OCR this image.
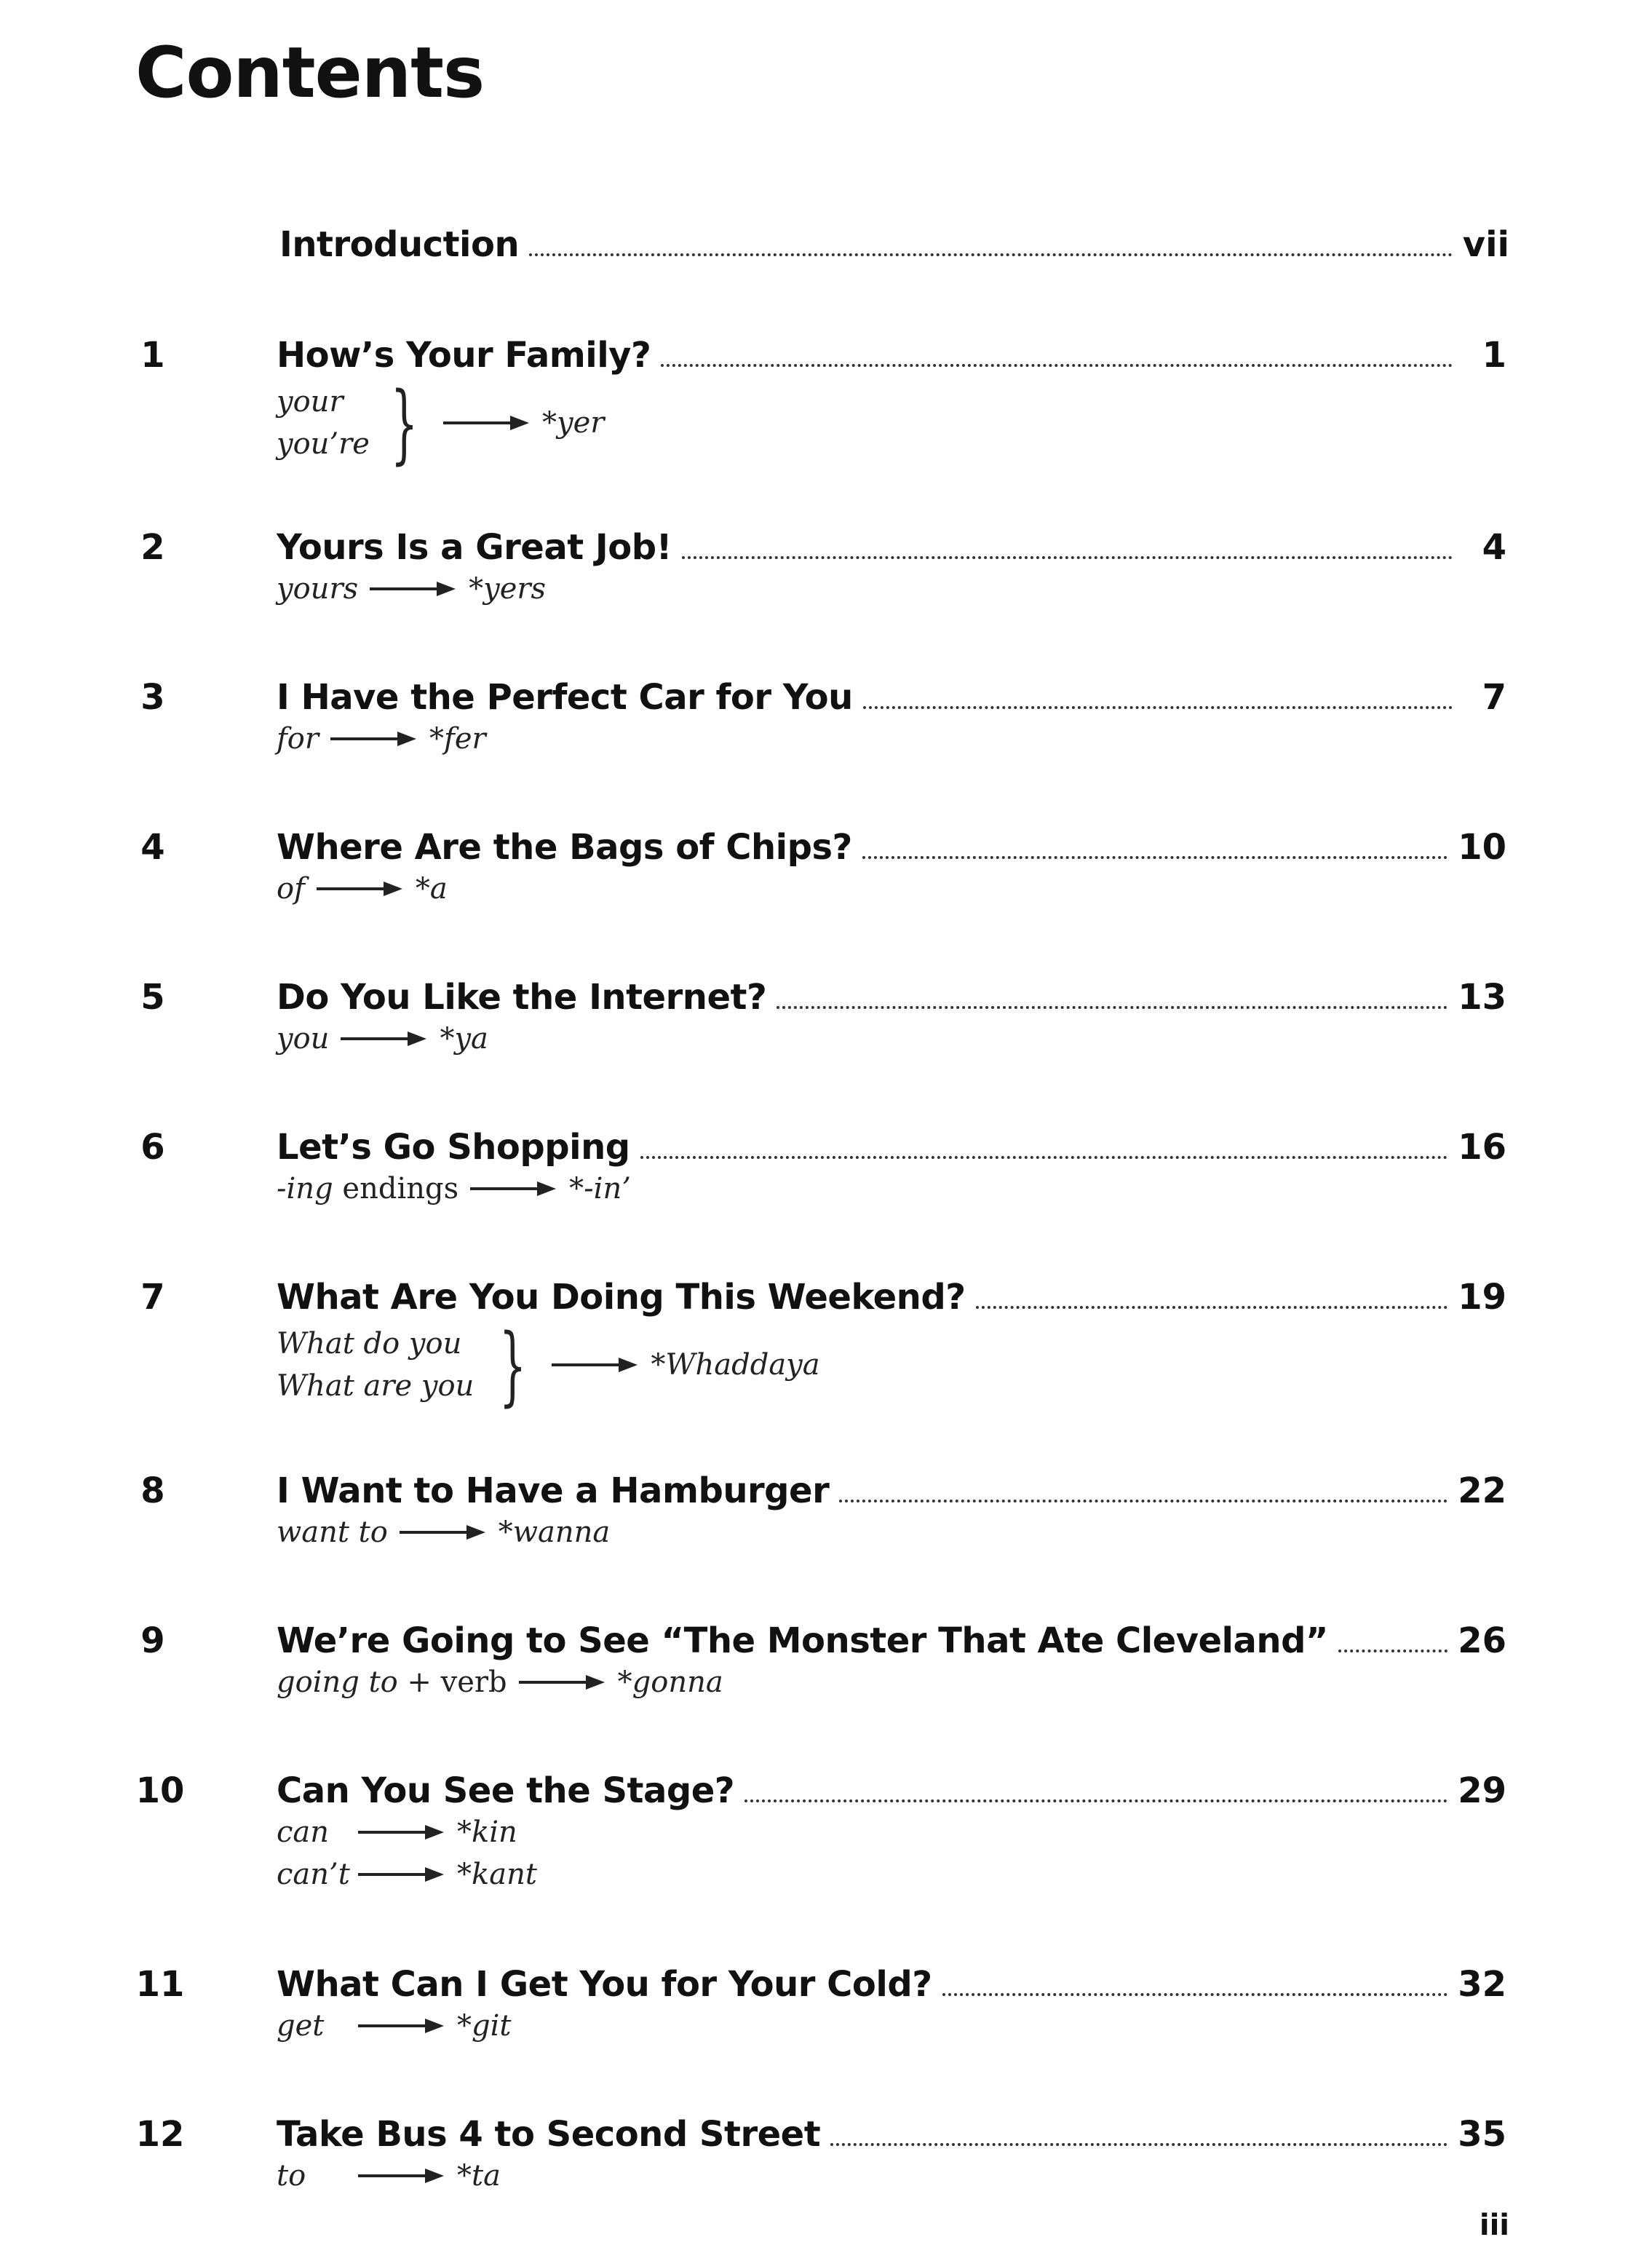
Contents
Introduction	vii
1	How’s Your Family?	1
your
you’re }	*yer
2	Yours Is a Great Job!	4
yours	*yers
3	I Have the Perfect Car for You	7
for	*fer
4	Where Are the Bags of Chips?	10
of	*a
5	Do You Like the Internet?	13
you	*ya
6	Let’s Go Shopping	16
-ing endings	*-in’
7	What Are You Doing This Weekend?	19
What do you
What are you }	*Whaddaya
8	I Want to Have a Hamburger	22
want to	*wanna
9	We’re Going to See “The Monster That Ate Cleveland”	26
going to + verb	*gonna
10	Can You See the Stage?	29
can	*kin
can’t	*kant
11	What Can I Get You for Your Cold?	32
get	*git
12	Take Bus 4 to Second Street	35
to	*ta
iii
